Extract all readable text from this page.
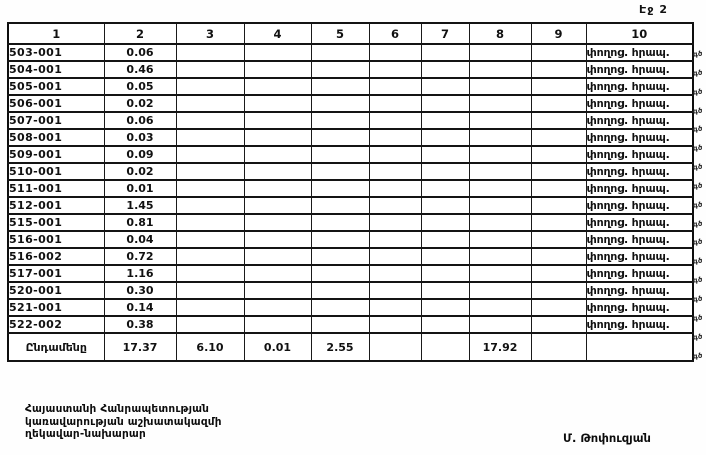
Էջ 2
1	2	3	4	5	6	7	8	9	10
503-001	0.06								փողոց. հրապ.
504-001	0.46								փողոց. հրապ.
505-001	0.05								փողոց. հրապ.
506-001	0.02								փողոց. հրապ.
507-001	0.06								փողոց. հրապ.
508-001	0.03								փողոց. հրապ.
509-001	0.09								փողոց. հրապ.
510-001	0.02								փողոց. հրապ.
511-001	0.01								փողոց. հրապ.
512-001	1.45								փողոց. հրապ.
515-001	0.81								փողոց. հրապ.
516-001	0.04								փողոց. հրապ.
516-002	0.72								փողոց. հրապ.
517-001	1.16								փողոց. հրապ.
520-001	0.30								փողոց. հրապ.
521-001	0.14								փողոց. հրապ.
522-002	0.38								փողոց. հրապ.
Ընդամենը	17.37	6.10	0.01	2.55			17.92		
գծ
գծ
գծ
գծ
գծ
գծ
գծ
գծ
գծ
գծ
գծ
գծ
գծ
գծ
գծ
գծ
գծ
Հայաստանի Հանրապետության
կառավարության աշխատակազմի
ղեկավար-նախարար	Մ. Թոփուզյան
